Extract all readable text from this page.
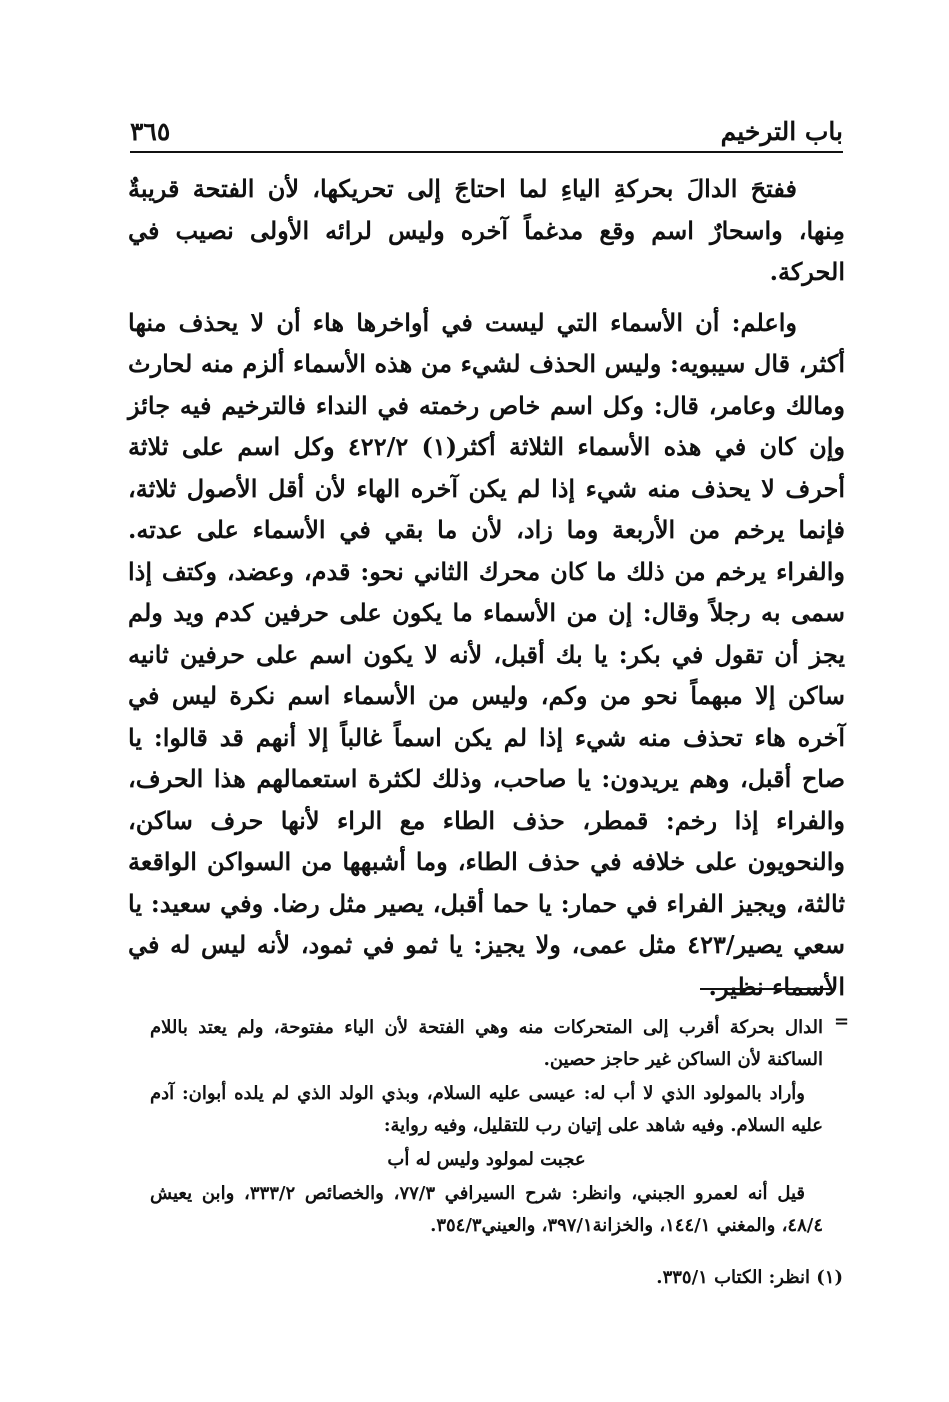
باب الترخيم
٣٦٥

ففتحَ الدالَ بحركةِ الياءِ لما احتاجَ إلى تحريكها، لأن الفتحة قريبةٌ مِنها، واسحارٌ اسم وقع مدغماً آخره وليس لرائه الأولى نصيب في الحركة.

واعلم: أن الأسماء التي ليست في أواخرها هاء أن لا يحذف منها أكثر، قال سيبويه: وليس الحذف لشيء من هذه الأسماء ألزم منه لحارث ومالك وعامر، قال: وكل اسم خاص رخمته في النداء فالترخيم فيه جائز وإن كان في هذه الأسماء الثلاثة أكثر(١) ٤٢٢/٢ وكل اسم على ثلاثة أحرف لا يحذف منه شيء إذا لم يكن آخره الهاء لأن أقل الأصول ثلاثة، فإنما يرخم من الأربعة وما زاد، لأن ما بقي في الأسماء على عدته. والفراء يرخم من ذلك ما كان محرك الثاني نحو: قدم، وعضد، وكتف إذا سمى به رجلاً وقال: إن من الأسماء ما يكون على حرفين كدم ويد ولم يجز أن تقول في بكر: يا بك أقبل، لأنه لا يكون اسم على حرفين ثانيه ساكن إلا مبهماً نحو من وكم، وليس من الأسماء اسم نكرة ليس في آخره هاء تحذف منه شيء إذا لم يكن اسماً غالباً إلا أنهم قد قالوا: يا صاح أقبل، وهم يريدون: يا صاحب، وذلك لكثرة استعمالهم هذا الحرف، والفراء إذا رخم: قمطر، حذف الطاء مع الراء لأنها حرف ساكن، والنحويون على خلافه في حذف الطاء، وما أشبهها من السواكن الواقعة ثالثة، ويجيز الفراء في حمار: يا حما أقبل، يصير مثل رضا. وفي سعيد: يا سعي يصير/٤٢٣ مثل عمى، ولا يجيز: يا ثمو في ثمود، لأنه ليس له في الأسماء نظير.

=

الدال بحركة أقرب إلى المتحركات منه وهي الفتحة لأن الياء مفتوحة، ولم يعتد باللام الساكنة لأن الساكن غير حاجز حصين.

وأراد بالمولود الذي لا أب له: عيسى عليه السلام، وبذي الولد الذي لم يلده أبوان: آدم عليه السلام. وفيه شاهد على إتيان رب للتقليل، وفيه رواية:

عجبت لمولود وليس له أب

قيل أنه لعمرو الجبني، وانظر: شرح السيرافي ٧٧/٣، والخصائص ٣٣٣/٢، وابن يعيش ٤٨/٤، والمغني ١٤٤/١، والخزانة٣٩٧/١، والعيني٣٥٤/٣.

(١) انظر: الكتاب ٣٣٥/١.
